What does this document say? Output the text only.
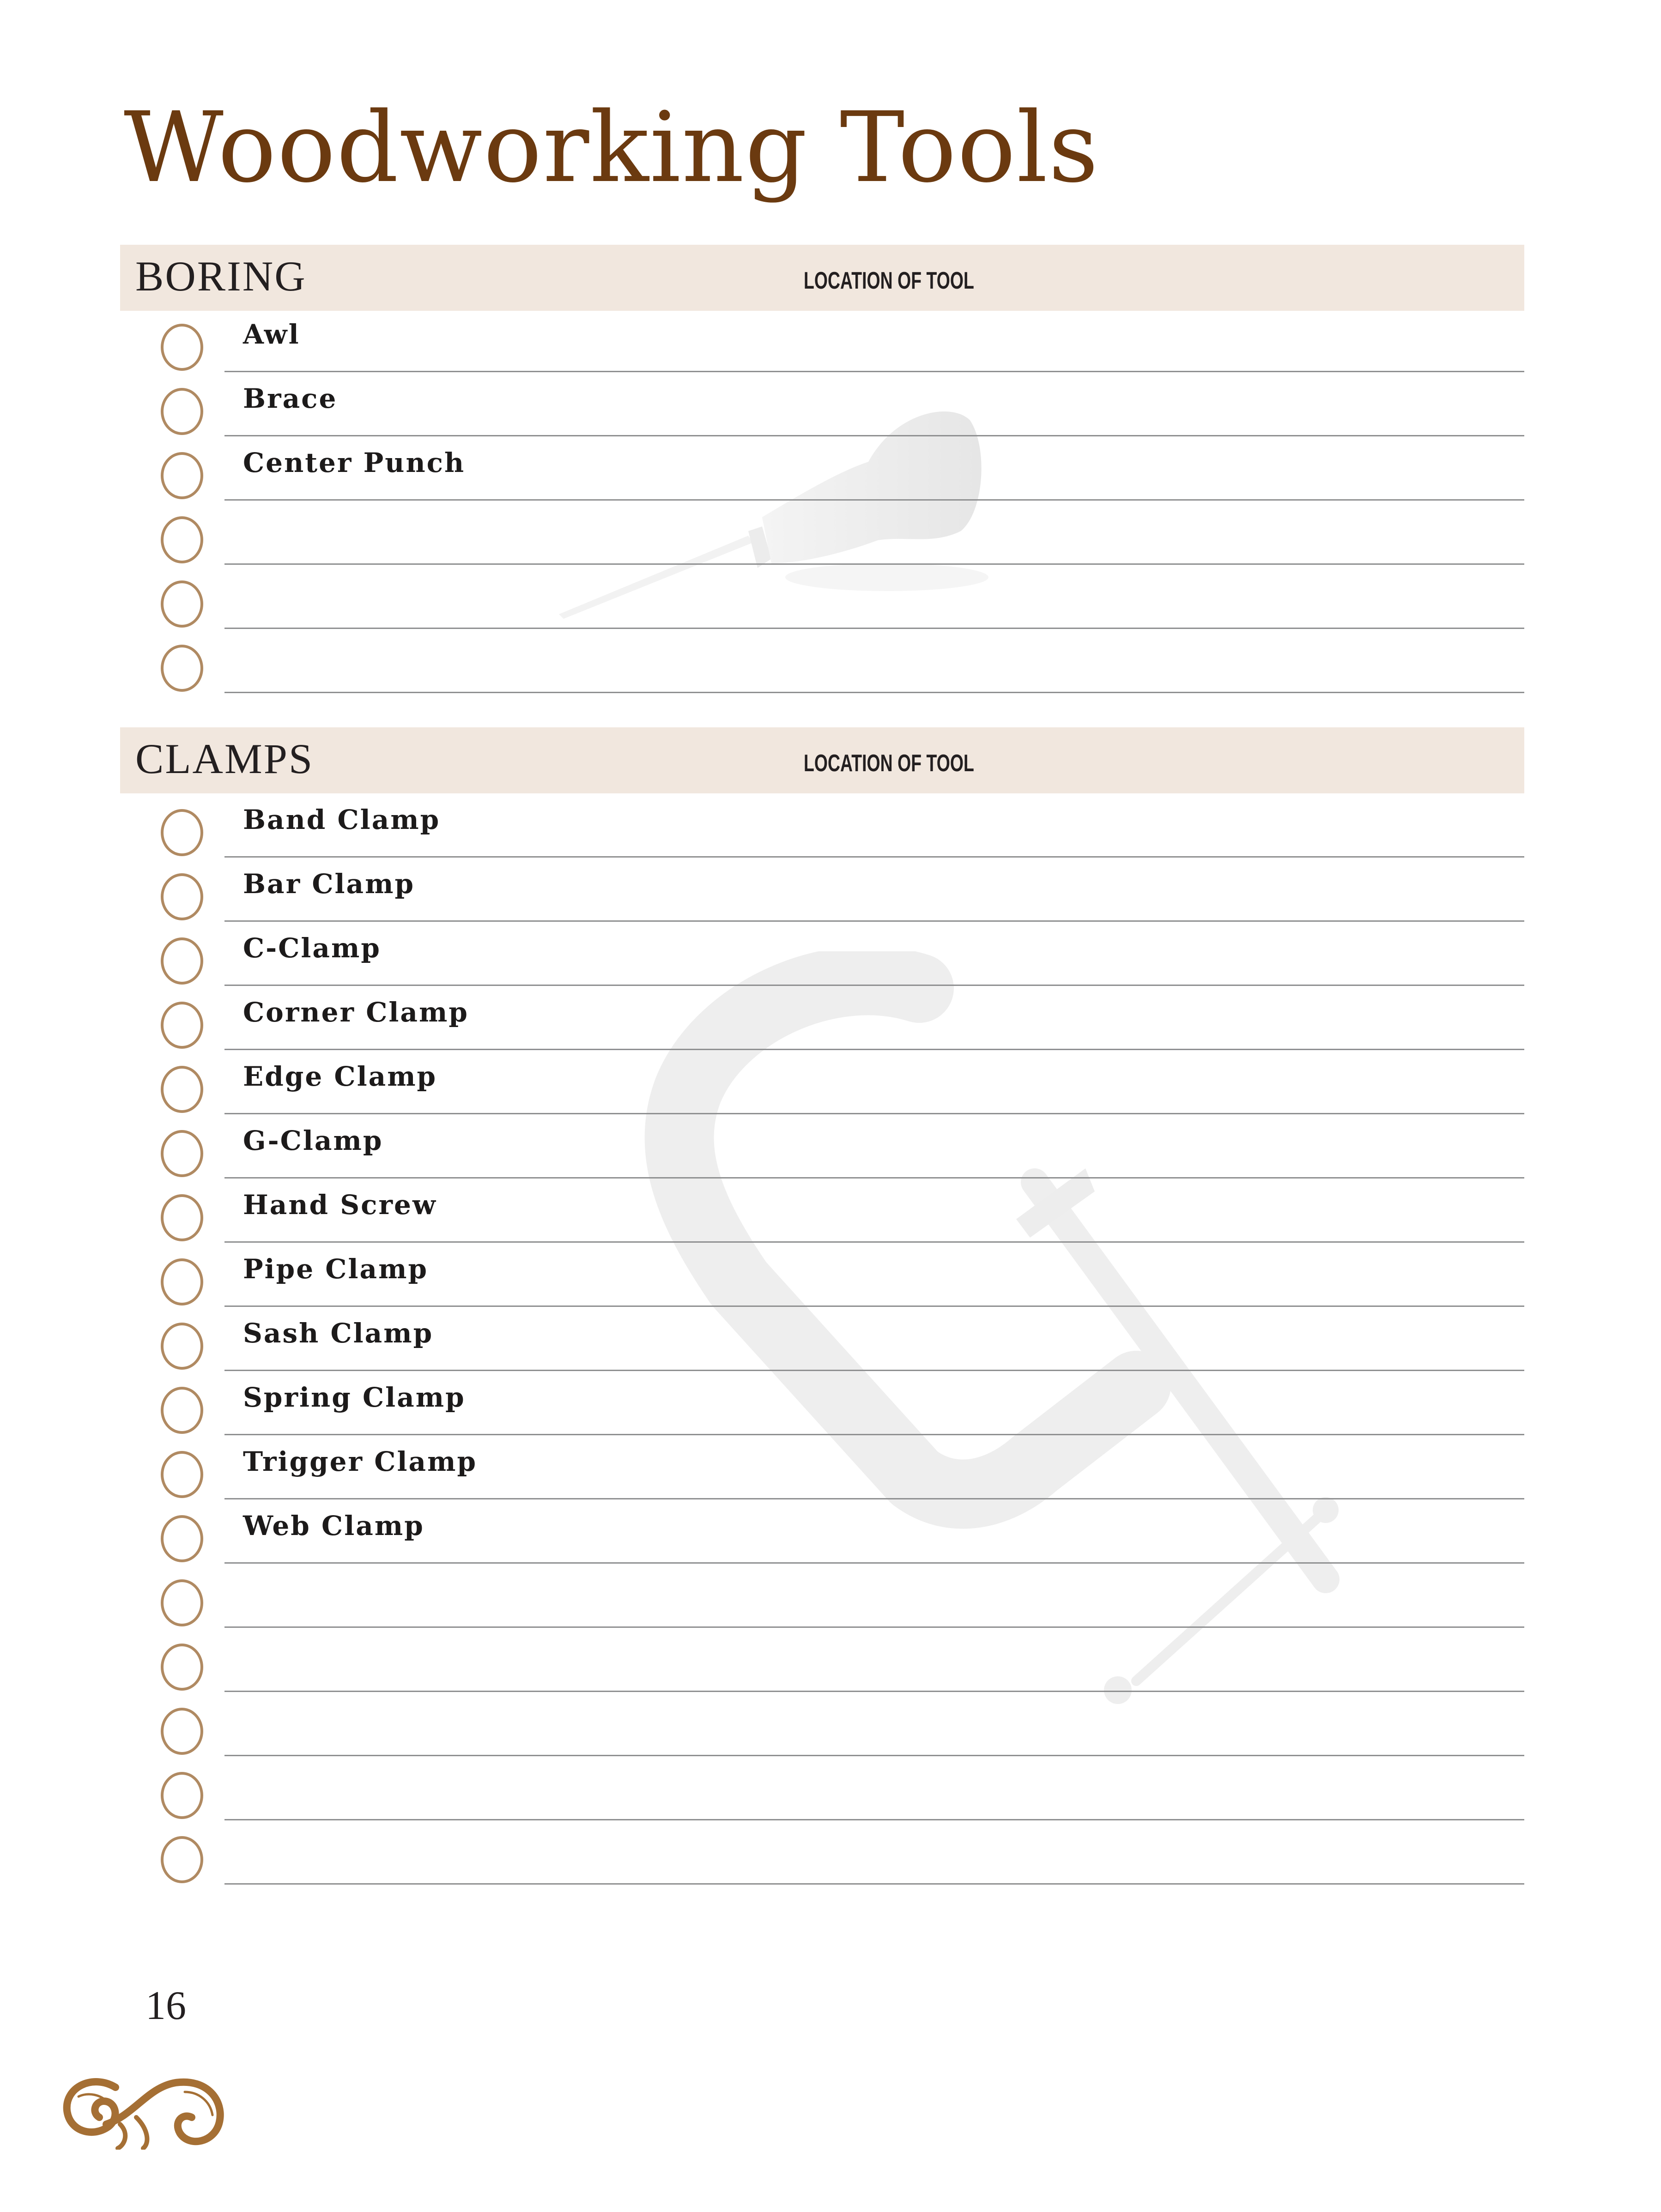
Woodworking Tools
BORING	LOCATION OF TOOL
Awl
Brace
Center Punch
CLAMPS	LOCATION OF TOOL
Band Clamp
Bar Clamp
C-Clamp
Corner Clamp
Edge Clamp
G-Clamp
Hand Screw
Pipe Clamp
Sash Clamp
Spring Clamp
Trigger Clamp
Web Clamp
16
